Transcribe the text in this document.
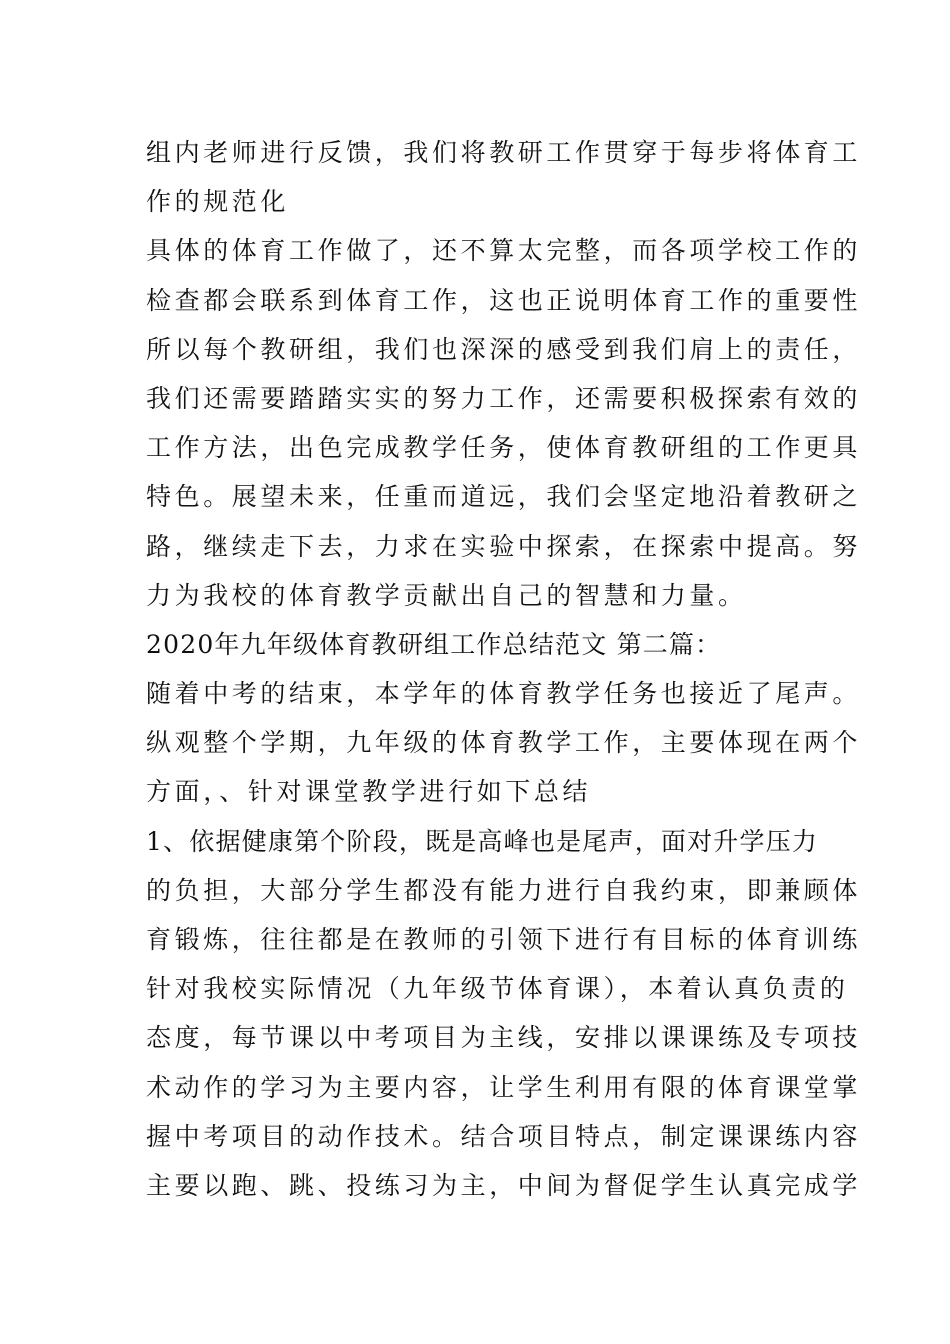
组内老师进行反馈，我们将教研工作贯穿于每步将体育工
作的规范化
具体的体育工作做了，还不算太完整，而各项学校工作的
检查都会联系到体育工作，这也正说明体育工作的重要性
所以每个教研组，我们也深深的感受到我们肩上的责任，
我们还需要踏踏实实的努力工作，还需要积极探索有效的
工作方法，出色完成教学任务，使体育教研组的工作更具
特色。展望未来，任重而道远，我们会坚定地沿着教研之
路，继续走下去，力求在实验中探索，在探索中提高。努
力为我校的体育教学贡献出自己的智慧和力量。
2020年九年级体育教研组工作总结范文 第二篇：
随着中考的结束，本学年的体育教学任务也接近了尾声。
纵观整个学期，九年级的体育教学工作，主要体现在两个
方面，、针对课堂教学进行如下总结
1、依据健康第个阶段，既是高峰也是尾声，面对升学压力
的负担，大部分学生都没有能力进行自我约束，即兼顾体
育锻炼，往往都是在教师的引领下进行有目标的体育训练
针对我校实际情况（九年级节体育课），本着认真负责的
态度，每节课以中考项目为主线，安排以课课练及专项技
术动作的学习为主要内容，让学生利用有限的体育课堂掌
握中考项目的动作技术。结合项目特点，制定课课练内容
主要以跑、跳、投练习为主，中间为督促学生认真完成学
